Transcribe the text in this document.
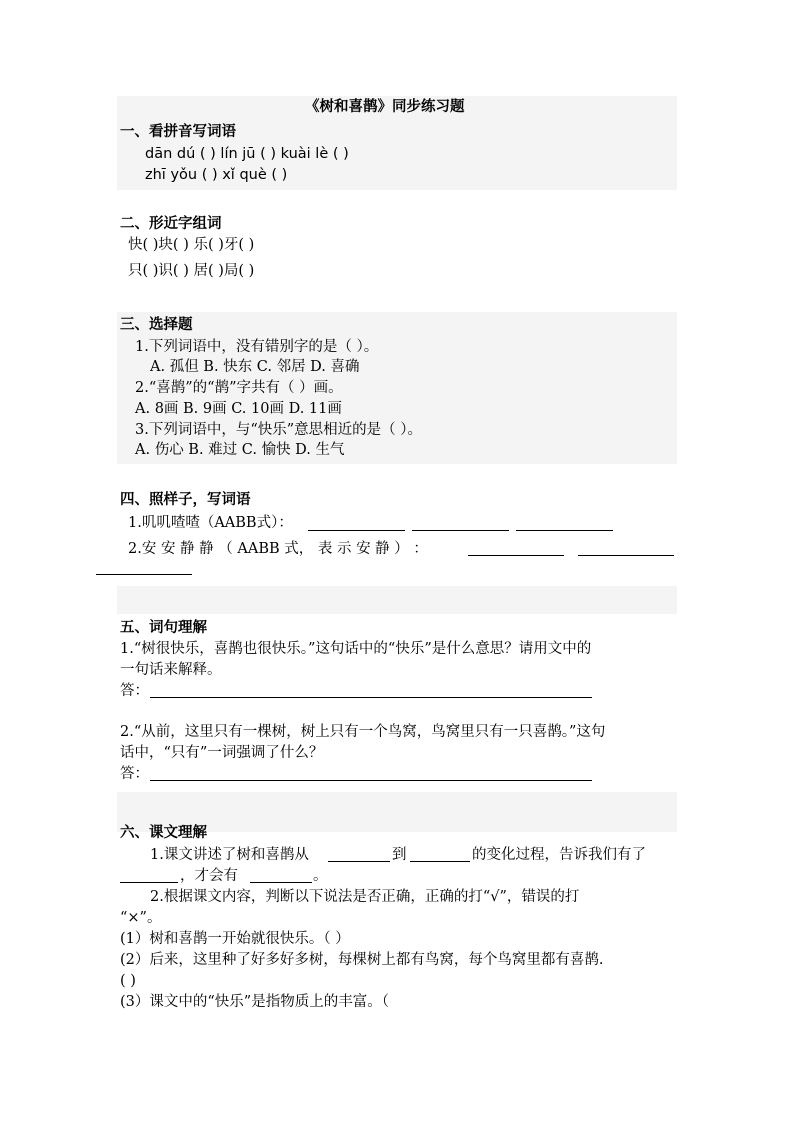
《树和喜鹊》同步练习题
一、看拼音写词语
dān dú ( ) lín jū ( ) kuài lè ( )
zhī yǒu ( ) xǐ què ( )
二、形近字组词
快( )块( ) 乐( )牙( )
只( )识( ) 居( )局( )
三、选择题
1.下列词语中，没有错别字的是（ ）。
A. 孤但 B. 快东 C. 邻居 D. 喜确
2.“喜鹊”的“鹊”字共有（ ）画。
A. 8画 B. 9画 C. 10画 D. 11画
3.下列词语中，与“快乐”意思相近的是（ ）。
A. 伤心 B. 难过 C. 愉快 D. 生气
四、照样子，写词语
1.叽叽喳喳（AABB式）：
2.安 安 静 静 （ AABB 式， 表 示 安 静 ） ：
五、词句理解
1.“树很快乐，喜鹊也很快乐。”这句话中的“快乐”是什么意思？请用文中的
一句话来解释。
答：
2.“从前，这里只有一棵树，树上只有一个鸟窝，鸟窝里只有一只喜鹊。”这句
话中，“只有”一词强调了什么？
答：
六、课文理解
1.课文讲述了树和喜鹊从	到	的变化过程，告诉我们有了
，才会有	。
2.根据课文内容，判断以下说法是否正确，正确的打“√”，错误的打
“×”。
(1）树和喜鹊一开始就很快乐。（ ）
(2）后来，这里种了好多好多树，每棵树上都有鸟窝，每个鸟窝里都有喜鹊.
( )
(3）课文中的“快乐”是指物质上的丰富。（
